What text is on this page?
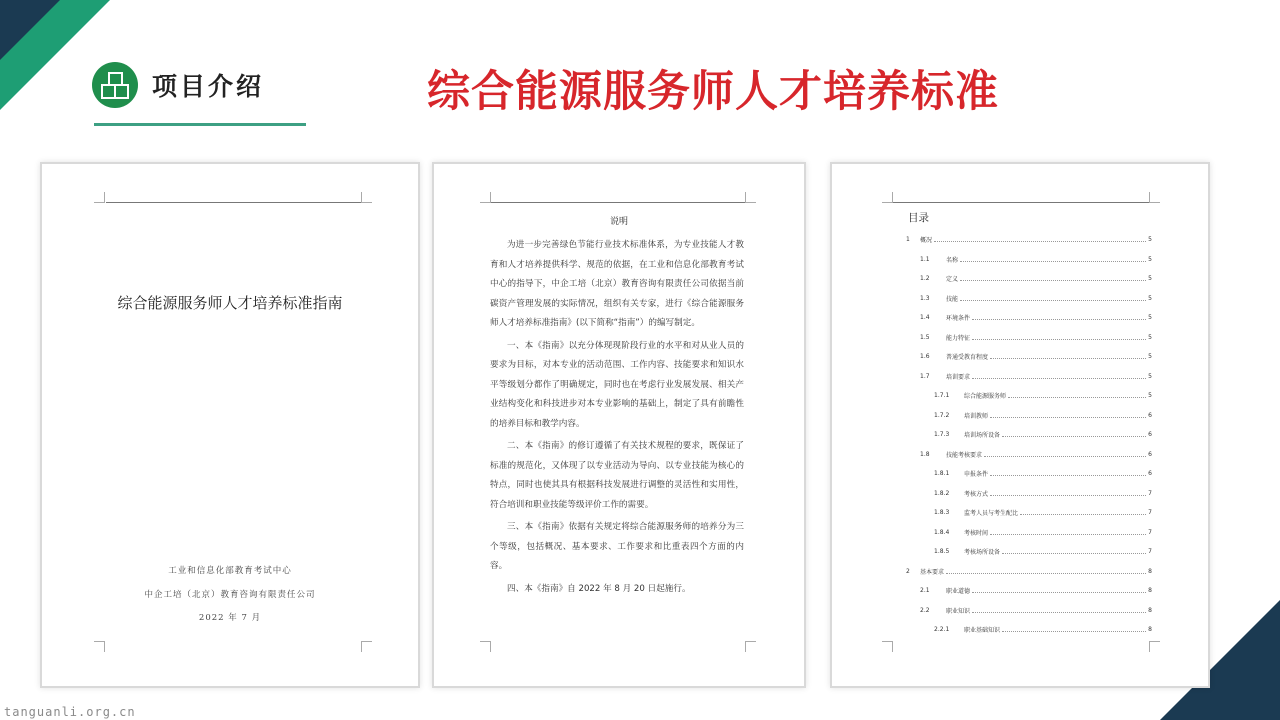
项目介绍	综合能源服务师人才培养标准
综合能源服务师人才培养标准指南
工业和信息化部教育考试中心
中企工培（北京）教育咨询有限责任公司
2022 年 7 月
说明

为进一步完善绿色节能行业技术标准体系，为专业技能人才教育和人才培养提供科学、规范的依据，在工业和信息化部教育考试中心的指导下，中企工培（北京）教育咨询有限责任公司依据当前碳资产管理发展的实际情况，组织有关专家，进行《综合能源服务师人才培养标准指南》(以下简称“指南”）的编写制定。

一、本《指南》以充分体现现阶段行业的水平和对从业人员的要求为目标，对本专业的活动范围、工作内容、技能要求和知识水平等级划分都作了明确规定，同时也在考虑行业发展发展、相关产业结构变化和科技进步对本专业影响的基础上，制定了具有前瞻性的培养目标和教学内容。

二、本《指南》的修订遵循了有关技术规程的要求，既保证了标准的规范化，又体现了以专业活动为导向、以专业技能为核心的特点，同时也使其具有根据科技发展进行调整的灵活性和实用性，符合培训和职业技能等级评价工作的需要。

三、本《指南》依据有关规定将综合能源服务师的培养分为三个等级，包括概况、基本要求、工作要求和比重表四个方面的内容。

四、本《指南》自 2022 年 8 月 20 日起施行。

目录
1	概况	5
1.1	名称	5
1.2	定义	5
1.3	技能	5
1.4	环境条件	5
1.5	能力特征	5
1.6	普通受教育程度	5
1.7	培训要求	5
1.7.1	综合能源服务师	5
1.7.2	培训教师	6
1.7.3	培训场所设备	6
1.8	技能考核要求	6
1.8.1	申报条件	6
1.8.2	考核方式	7
1.8.3	监考人员与考生配比	7
1.8.4	考核时间	7
1.8.5	考核场所设备	7
2	基本要求	8
2.1	职业道德	8
2.2	职业知识	8
2.2.1	职业基础知识	8
tanguanli.org.cn
